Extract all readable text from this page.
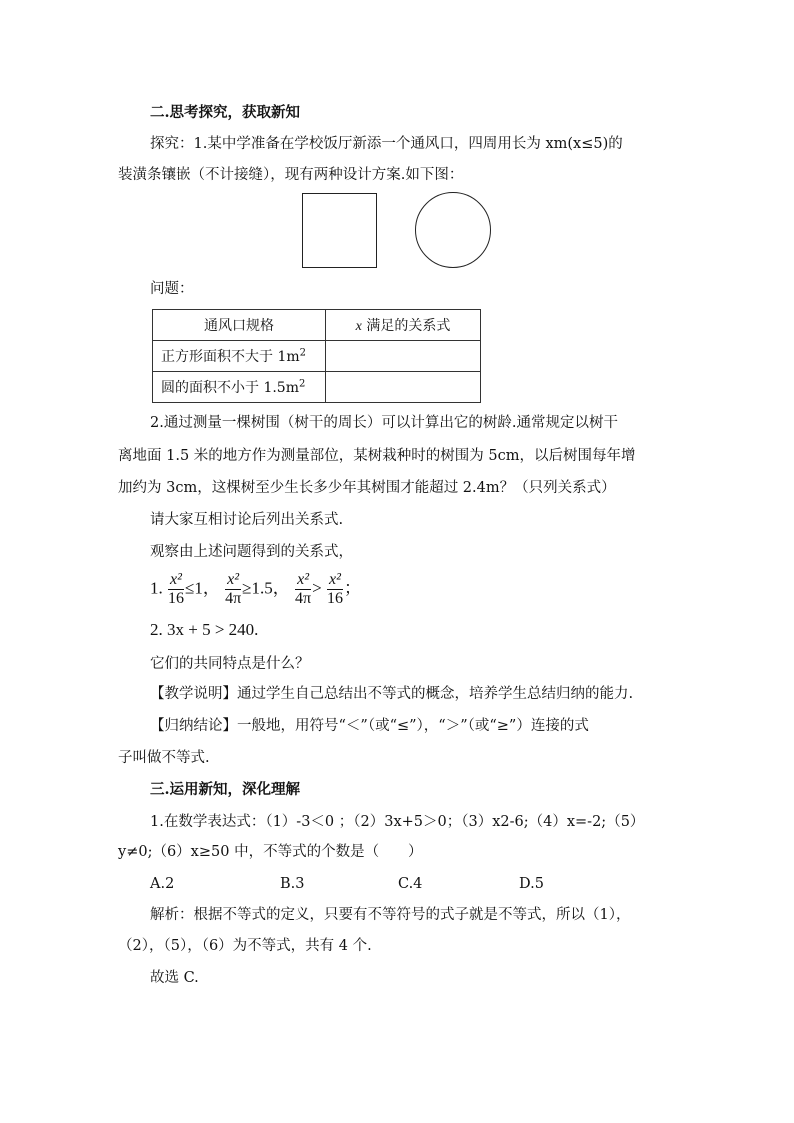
二.思考探究，获取新知
探究：1.某中学准备在学校饭厅新添一个通风口，四周用长为 xm(x≤5)的
装潢条镶嵌（不计接缝），现有两种设计方案.如下图：
问题：
通风口规格	x 满足的关系式
正方形面积不大于 $1m^2$	
圆的面积不小于 $1.5m^2$	
2.通过测量一棵树围（树干的周长）可以计算出它的树龄.通常规定以树干
离地面 1.5 米的地方作为测量部位，某树栽种时的树围为 5cm，以后树围每年增
加约为 3cm，这棵树至少生长多少年其树围才能超过 2.4m？（只列关系式）
请大家互相讨论后列出关系式.
观察由上述问题得到的关系式，
1. $\frac{\text{x²}}{16} \le 1$， $\frac{\text{x²}}{4\pi} \ge 1.5$， $\frac{\text{x²}}{4\pi} > \frac{\text{x²}}{16}$ ；
2. 3x + 5 > 240.
它们的共同特点是什么？
【教学说明】通过学生自己总结出不等式的概念，培养学生总结归纳的能力.
【归纳结论】一般地，用符号“＜”（或“≤”），“＞”（或“≥”）连接的式
子叫做不等式.
三.运用新知，深化理解
1.在数学表达式：（1）-3＜0 ；（2）3x+5＞0；（3）x2-6;（4）x=-2;（5）
y≠0;（6）x≥50 中，不等式的个数是（　　）
A.2	B.3	C.4	D.5
解析：根据不等式的定义，只要有不等符号的式子就是不等式，所以（1），
（2），（5），（6）为不等式，共有 4 个.
故选 C.
